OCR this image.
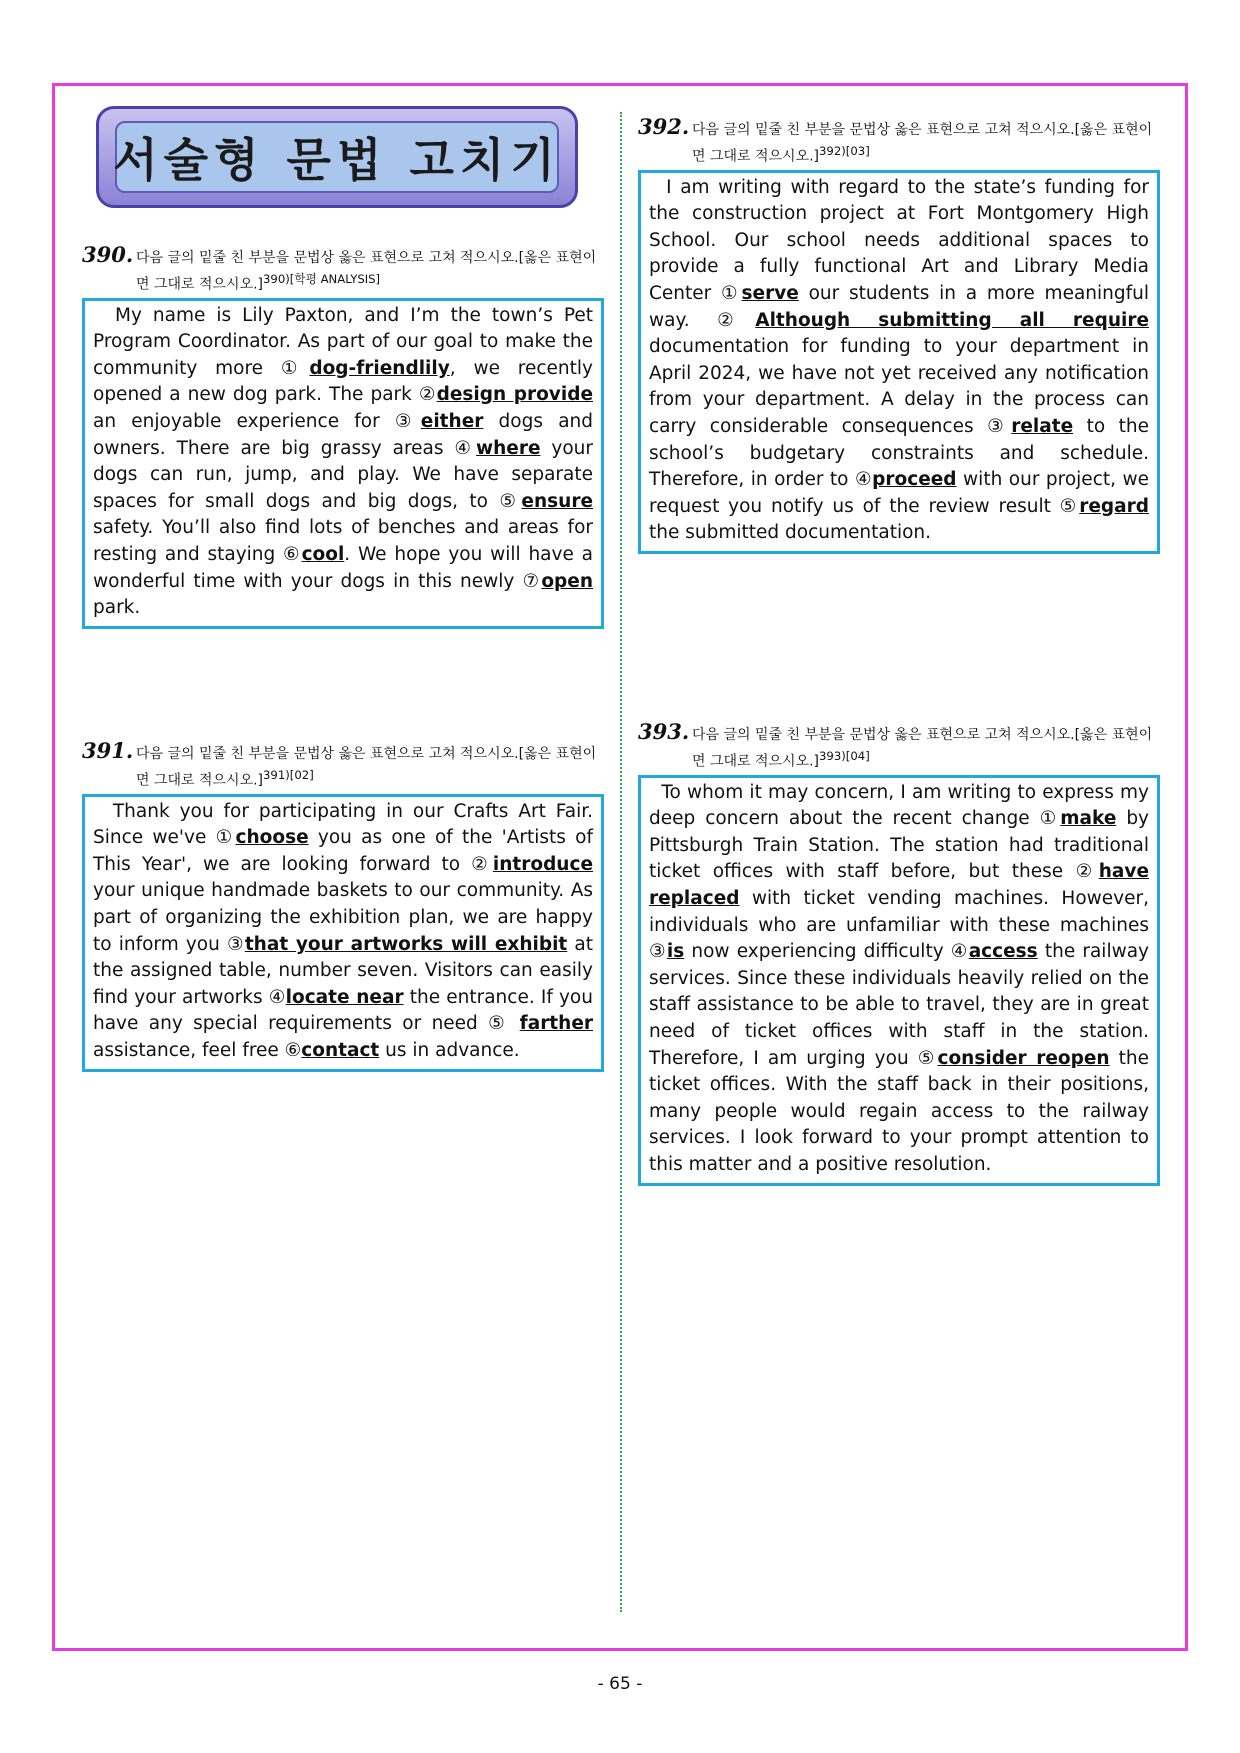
서술형 문법 고치기
390. 다음 글의 밑줄 친 부분을 문법상 옳은 표현으로 고쳐 적으시오.[옳은 표현이면 그대로 적으시오.]$^{390)[학평 ANALYSIS]}$
My name is Lily Paxton, and I’m the town’s Pet Program Coordinator. As part of our goal to make the community more ①dog-friendlily, we recently opened a new dog park. The park ②design provide an enjoyable experience for ③either dogs and owners. There are big grassy areas ④where your dogs can run, jump, and play. We have separate spaces for small dogs and big dogs, to ⑤ensure safety. You’ll also find lots of benches and areas for resting and staying ⑥cool. We hope you will have a wonderful time with your dogs in this newly ⑦open park.
391. 다음 글의 밑줄 친 부분을 문법상 옳은 표현으로 고쳐 적으시오.[옳은 표현이면 그대로 적으시오.]$^{391)[02]}$
Thank you for participating in our Crafts Art Fair. Since we've ①choose you as one of the 'Artists of This Year', we are looking forward to ②introduce your unique handmade baskets to our community. As part of organizing the exhibition plan, we are happy to inform you ③that your artworks will exhibit at the assigned table, number seven. Visitors can easily find your artworks ④locate near the entrance. If you have any special requirements or need ⑤ farther assistance, feel free ⑥contact us in advance.
392. 다음 글의 밑줄 친 부분을 문법상 옳은 표현으로 고쳐 적으시오.[옳은 표현이면 그대로 적으시오.]$^{392)[03]}$
I am writing with regard to the state’s funding for the construction project at Fort Montgomery High School. Our school needs additional spaces to provide a fully functional Art and Library Media Center ①serve our students in a more meaningful way. ②Although submitting all require documentation for funding to your department in April 2024, we have not yet received any notification from your department. A delay in the process can carry considerable consequences ③relate to the school’s budgetary constraints and schedule. Therefore, in order to ④proceed with our project, we request you notify us of the review result ⑤regard the submitted documentation.
393. 다음 글의 밑줄 친 부분을 문법상 옳은 표현으로 고쳐 적으시오.[옳은 표현이면 그대로 적으시오.]$^{393)[04]}$
To whom it may concern, I am writing to express my deep concern about the recent change ①make by Pittsburgh Train Station. The station had traditional ticket offices with staff before, but these ②have replaced with ticket vending machines. However, individuals who are unfamiliar with these machines ③is now experiencing difficulty ④access the railway services. Since these individuals heavily relied on the staff assistance to be able to travel, they are in great need of ticket offices with staff in the station. Therefore, I am urging you ⑤consider reopen the ticket offices. With the staff back in their positions, many people would regain access to the railway services. I look forward to your prompt attention to this matter and a positive resolution.
- 65 -
